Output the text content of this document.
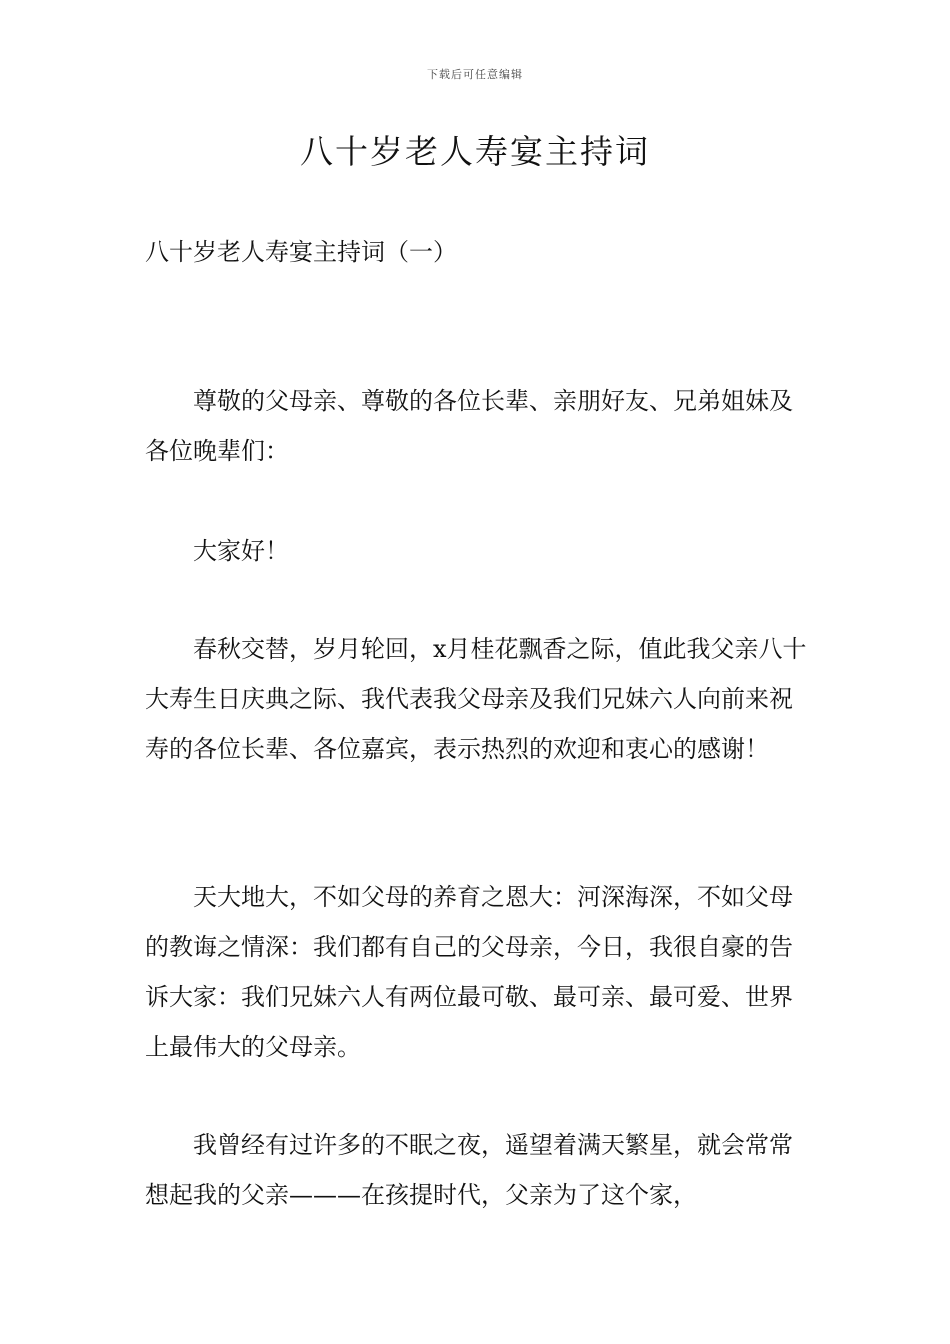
下载后可任意编辑
八十岁老人寿宴主持词
八十岁老人寿宴主持词（一）

尊敬的父母亲、尊敬的各位长辈、亲朋好友、兄弟姐妹及各位晚辈们：

大家好！

春秋交替，岁月轮回，x月桂花飘香之际，值此我父亲八十大寿生日庆典之际、我代表我父母亲及我们兄妹六人向前来祝寿的各位长辈、各位嘉宾，表示热烈的欢迎和衷心的感谢！

天大地大，不如父母的养育之恩大：河深海深，不如父母的教诲之情深：我们都有自己的父母亲，今日，我很自豪的告诉大家：我们兄妹六人有两位最可敬、最可亲、最可爱、世界上最伟大的父母亲。

我曾经有过许多的不眠之夜，遥望着满天繁星，就会常常想起我的父亲———在孩提时代，父亲为了这个家，
